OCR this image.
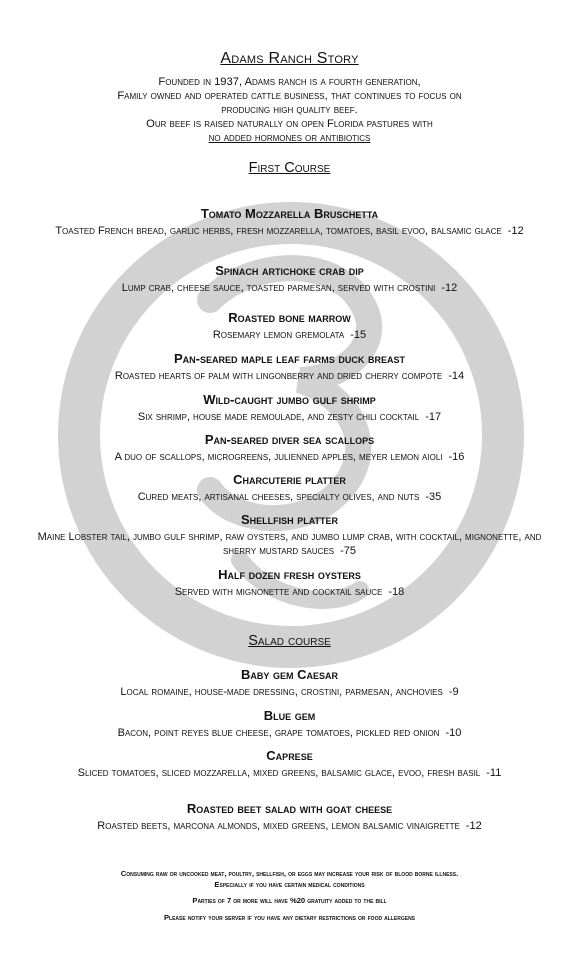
Adams Ranch Story
Founded in 1937, Adams ranch is a fourth generation,
Family owned and operated cattle business, that continues to focus on
producing high quality beef.
Our beef is raised naturally on open Florida pastures with
no added hormones or antibiotics
First Course
Tomato Mozzarella Bruschetta
Toasted French bread, garlic herbs, fresh mozzarella, tomatoes, basil evoo, balsamic glace -12
Spinach artichoke crab dip
Lump crab, cheese sauce, toasted parmesan, served with crostini -12
Roasted bone marrow
Rosemary lemon gremolata -15
Pan-seared maple leaf farms duck breast
Roasted hearts of palm with lingonberry and dried cherry compote -14
Wild-caught jumbo gulf shrimp
Six shrimp, house made remoulade, and zesty chili cocktail -17
Pan-seared diver sea scallops
A duo of scallops, microgreens, julienned apples, meyer lemon aioli -16
Charcuterie platter
Cured meats, artisanal cheeses, specialty olives, and nuts -35
Shellfish platter
Maine Lobster tail, jumbo gulf shrimp, raw oysters, and jumbo lump crab, with cocktail, mignonette, and sherry mustard sauces -75
Half dozen fresh oysters
Served with mignonette and cocktail sauce -18
Salad course
Baby gem Caesar
Local romaine, house-made dressing, crostini, parmesan, anchovies -9
Blue gem
Bacon, point reyes blue cheese, grape tomatoes, pickled red onion -10
Caprese
Sliced tomatoes, sliced mozzarella, mixed greens, balsamic glace, evoo, fresh basil -11
Roasted beet salad with goat cheese
Roasted beets, marcona almonds, mixed greens, lemon balsamic vinaigrette -12
Consuming raw or uncooked meat, poultry, shellfish, or eggs may increase your risk of blood borne illness.
Especially if you have certain medical conditions
Parties of 7 or more will have %20 gratuity added to the bill
Please notify your server if you have any dietary restrictions or food allergens
